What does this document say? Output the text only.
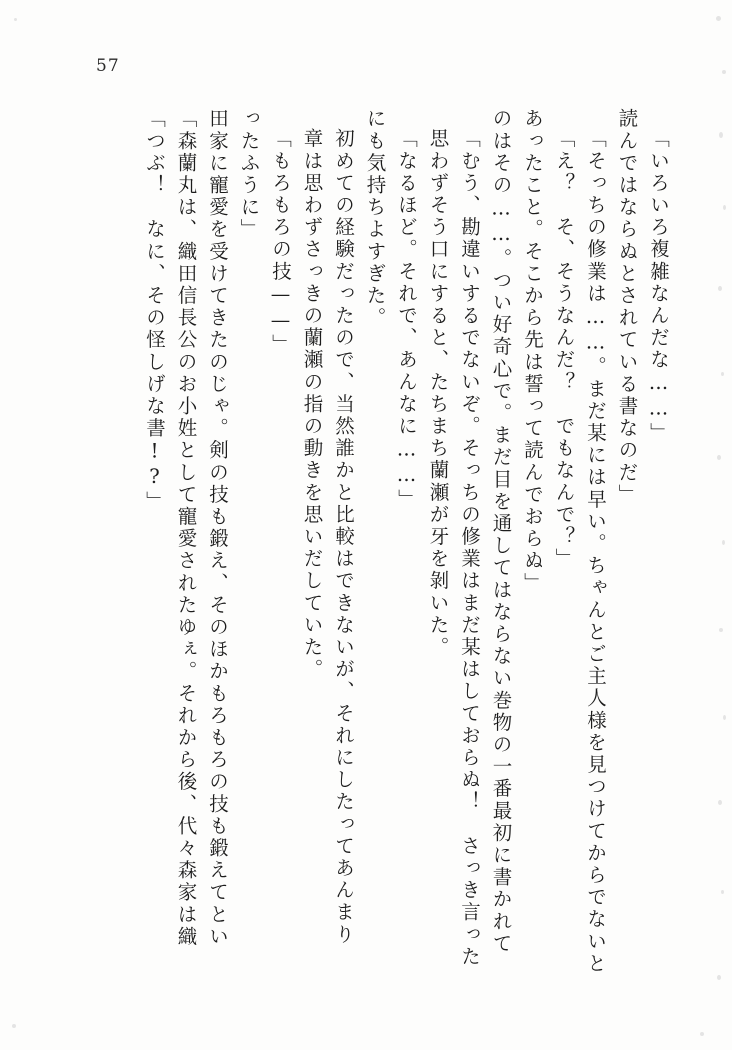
57
「つぶ！　なに、その怪しげな書!?」 「森蘭丸は、織田信長公のお小姓として寵愛されたゆぇ。それから後、代々森家は織 田家に寵愛を受けてきたのじゃ。剣の技も鍛え、そのほかもろもろの技も鍛えてとい ったふうに」 「もろもろの技——」 章は思わずさっきの蘭瀬の指の動きを思いだしていた。 初めての経験だったので、当然誰かと比較はできないが、それにしたってあんまり にも気持ちよすぎた。 「なるほど。それで、あんなに……」 思わずそう口にすると、たちまち蘭瀬が牙を剝いた。 「むう、勘違いするでないぞ。そっちの修業はまだ某はしておらぬ！　さっき言った のはその……。つい好奇心で。まだ目を通してはならない巻物の一番最初に書かれて あったこと。そこから先は誓って読んでおらぬ」 「え？　そ、そうなんだ？　でもなんで？」 「そっちの修業は……。まだ某には早い。ちゃんとご主人様を見つけてからでないと 読んではならぬとされている書なのだ」 「いろいろ複雑なんだな……」
